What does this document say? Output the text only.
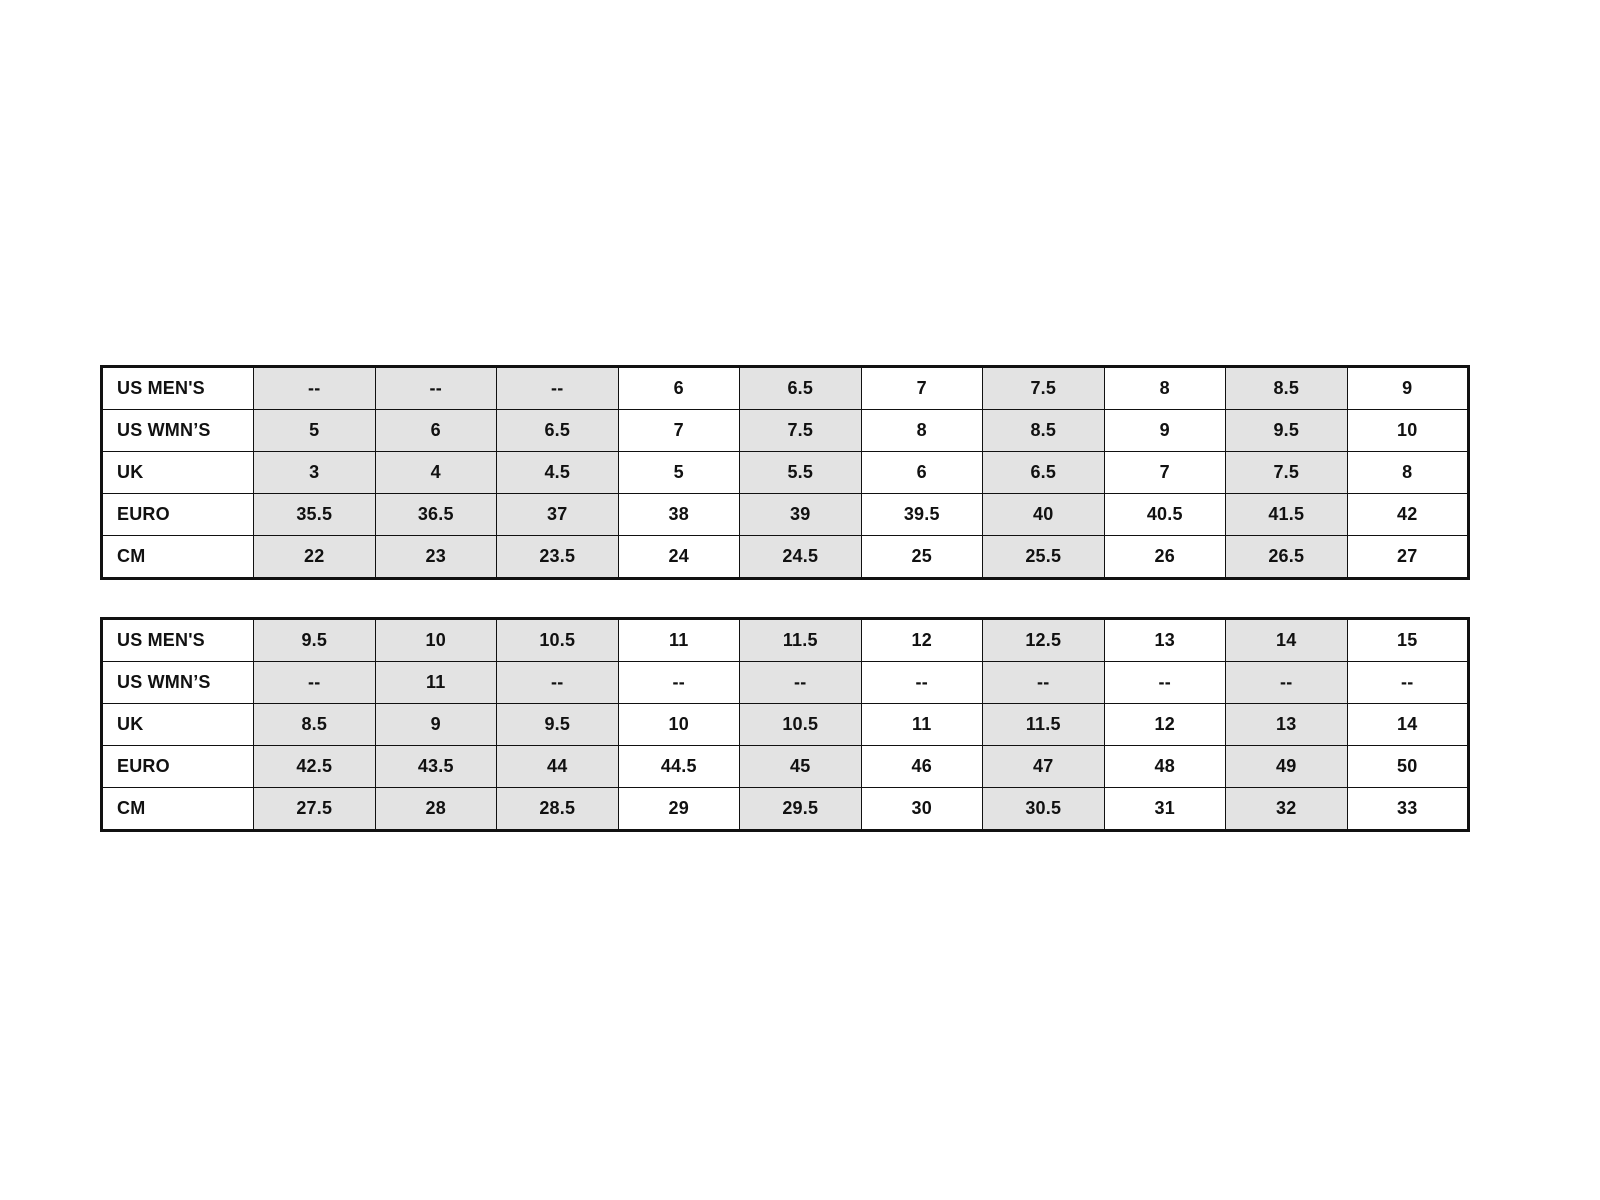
US MEN'S	--	--	--	6	6.5	7	7.5	8	8.5	9
US WMN’S	5	6	6.5	7	7.5	8	8.5	9	9.5	10
UK	3	4	4.5	5	5.5	6	6.5	7	7.5	8
EURO	35.5	36.5	37	38	39	39.5	40	40.5	41.5	42
CM	22	23	23.5	24	24.5	25	25.5	26	26.5	27
US MEN'S	9.5	10	10.5	11	11.5	12	12.5	13	14	15
US WMN’S	--	11	--	--	--	--	--	--	--	--
UK	8.5	9	9.5	10	10.5	11	11.5	12	13	14
EURO	42.5	43.5	44	44.5	45	46	47	48	49	50
CM	27.5	28	28.5	29	29.5	30	30.5	31	32	33
